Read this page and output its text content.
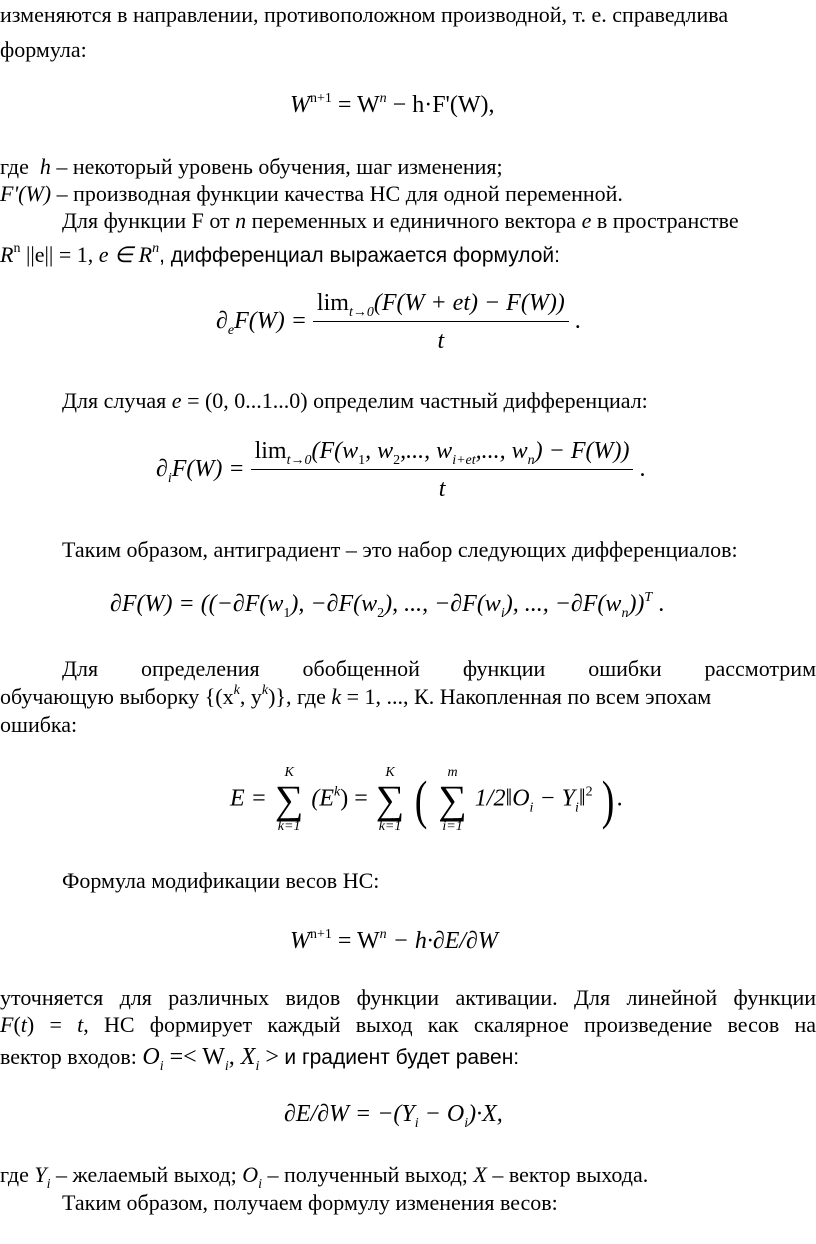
изменяются в направлении, противоположном производной, т. е. справедлива
формула:
$W^{n+1} = W^n - h\cdot F'(W)$,
где h – некоторый уровень обучения, шаг изменения;
F'(W) – производная функции качества НС для одной переменной.
Для функции F от n переменных и единичного вектора e в пространстве
$R^n$ ||e|| = 1, e ∈ $R^n$, дифференциал выражается формулой:
$\partial_eF(W) = \frac{\lim_{t\to 0}(F(W + et) - F(W))}{t}$ .
Для случая e = (0, 0...1...0) определим частный дифференциал:
$\partial_iF(W) = \frac{\lim_{t\to 0}(F(w_1, w_2,..., w_{i+et},..., w_n) - F(W))}{t}$ .
Таким образом, антиградиент – это набор следующих дифференциалов:
$\partial F(W) = ((-\partial F(w_1)$, $-\partial F(w_2)$, ..., $-\partial F(w_i)$, ..., $-\partial F(w_n))^T$ .
Для определения обобщенной функции ошибки рассмотрим
обучающую выборку {($x^k$, $y^k$)}, где k = 1, ..., К. Накопленная по всем эпохам
ошибка:
E =
K
∑
k=1
$(E^k)$ =
K
∑
k=1 (	m
∑
i=1
$1/2‖O_i$ − $Y_i‖^2$ ) .
Формула модификации весов НС:
$W^{n+1} = W^n - h\cdot\partial E/\partial W$
уточняется для различных видов функции активации. Для линейной функции
F(t) = t, НС формирует каждый выход как скалярное произведение весов на
вектор входов: $O_i =< W_i$, $X_i > и$ градиент будет равен:
$\partial E/\partial W = -(Y_i - O_i)\cdot X$,
где $Y_i$ – желаемый выход; $O_i$ – полученный выход; X – вектор выхода.
Таким образом, получаем формулу изменения весов:
